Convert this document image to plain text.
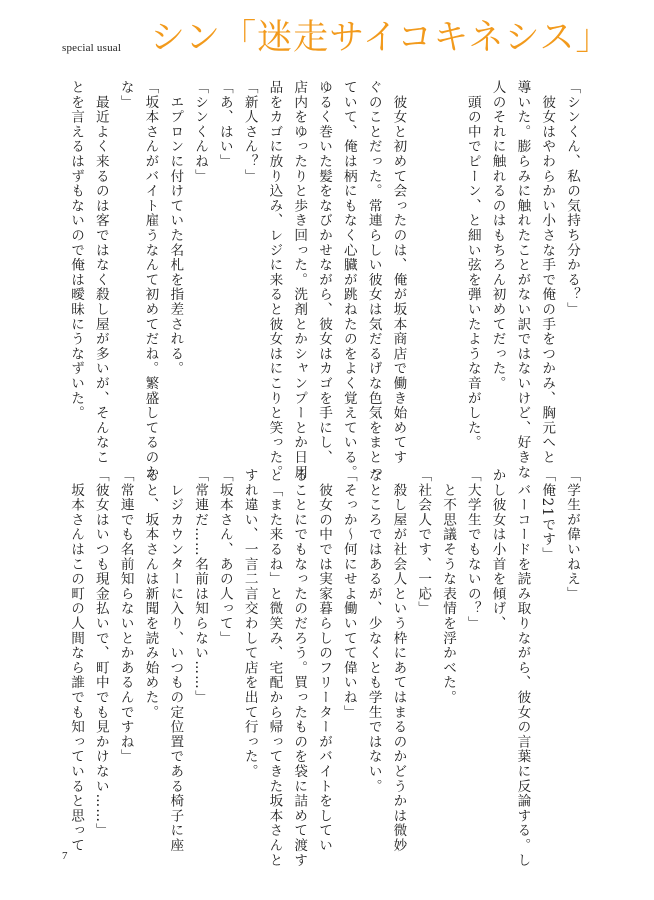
special usual シン「迷走サイコキネシス」

「シンくん、私の気持ち分かる？」

　彼女はやわらかい小さな手で俺の手をつかみ、胸元へと

導いた。膨らみに触れたことがない訳ではないけど、好きな

人のそれに触れるのはもちろん初めてだった。

　頭の中でピーン、と細い弦を弾いたような音がした。

　彼女と初めて会ったのは、俺が坂本商店で働き始めてす

ぐのことだった。常連らしい彼女は気だるげな色気をまとっ

ていて、俺は柄にもなく心臓が跳ねたのをよく覚えている。

ゆるく巻いた髪をなびかせながら、彼女はカゴを手にし、

店内をゆったりと歩き回った。洗剤とかシャンプーとか日用

品をカゴに放り込み、レジに来ると彼女はにこりと笑った。

「新人さん？」

「あ、はい」

「シンくんね」

　エプロンに付けていた名札を指差される。

「坂本さんがバイト雇うなんて初めてだね。繁盛してるのか

な」

　最近よく来るのは客ではなく殺し屋が多いが、そんなこ

とを言えるはずもないので俺は曖昧にうなずいた。

「学生が偉いねえ」

「俺21です」

　バーコードを読み取りながら、彼女の言葉に反論する。し

かし彼女は小首を傾げ、

「大学生でもないの？」

　と不思議そうな表情を浮かべた。

「社会人です、一応」

　殺し屋が社会人という枠にあてはまるのかどうかは微妙

なところではあるが、少なくとも学生ではない。

「そっか〜何にせよ働いてて偉いね」

　彼女の中では実家暮らしのフリーターがバイトをしてい

ることにでもなったのだろう。買ったものを袋に詰めて渡す

と「また来るね」と微笑み、宅配から帰ってきた坂本さんと

すれ違い、一言二言交わして店を出て行った。

「坂本さん、あの人って」

「常連だ……名前は知らない……」

　レジカウンターに入り、いつもの定位置である椅子に座

ると、坂本さんは新聞を読み始めた。

「常連でも名前知らないとかあるんですね」

「彼女はいつも現金払いで、町中でも見かけない……」

　坂本さんはこの町の人間なら誰でも知っていると思って

7
